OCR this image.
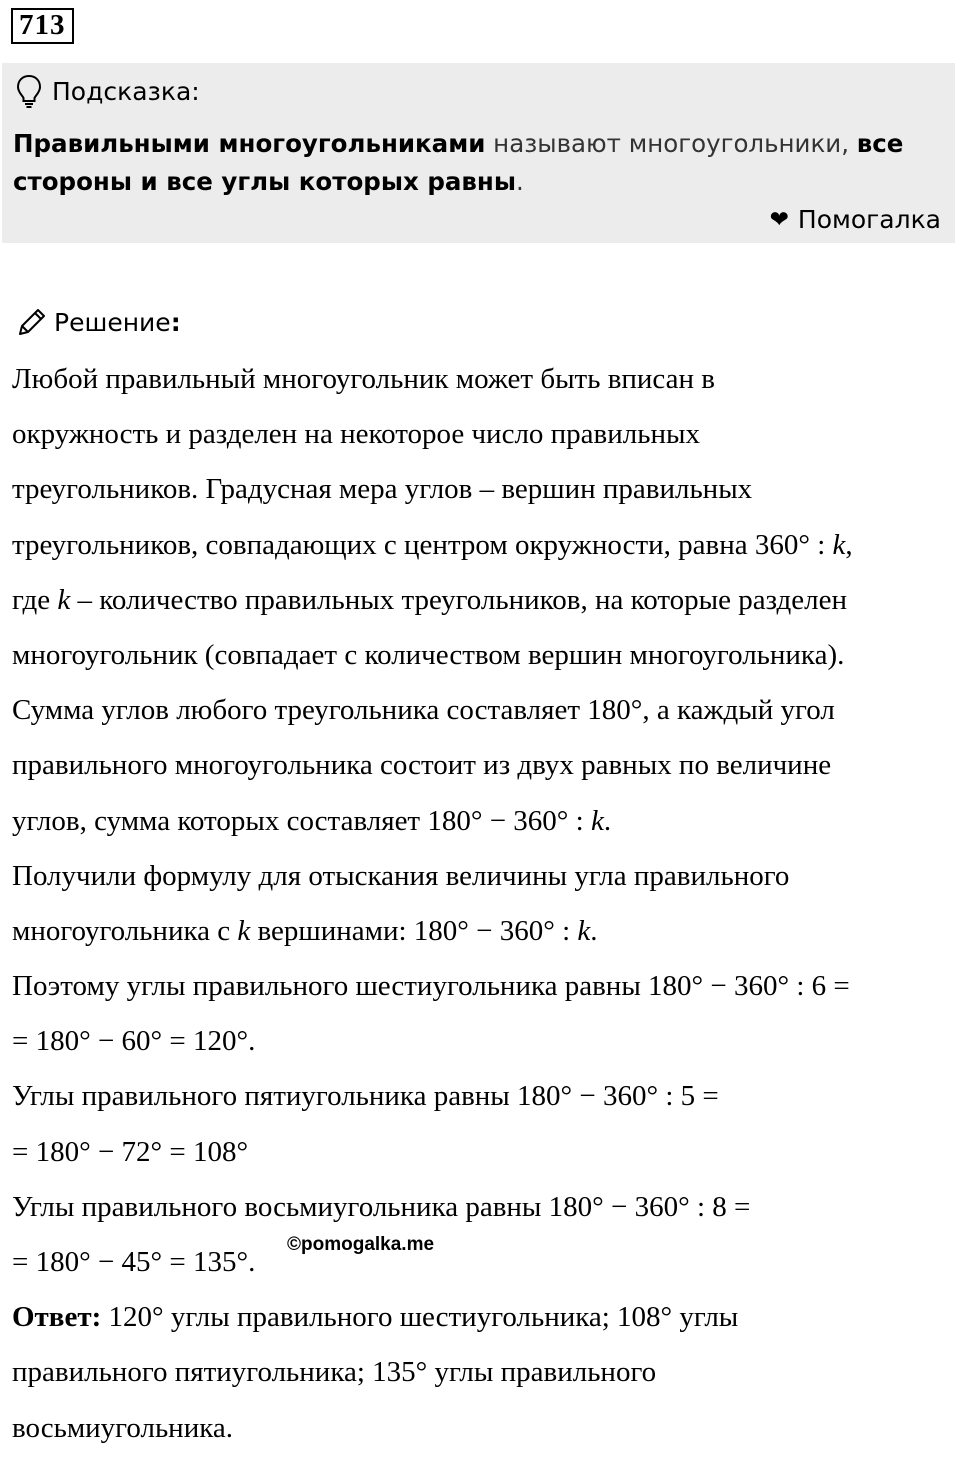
713
Подсказка:
Правильными многоугольниками называют многоугольники, все
стороны и все углы которых равны.
❤ Помогалка
Решение :
Любой правильный многоугольник может быть вписан в
окружность и разделен на некоторое число правильных
треугольников. Градусная мера углов – вершин правильных
треугольников, совпадающих с центром окружности, равна 360° : k,
где k – количество правильных треугольников, на которые разделен
многоугольник (совпадает с количеством вершин многоугольника).
Сумма углов любого треугольника составляет 180°, а каждый угол
правильного многоугольника состоит из двух равных по величине
углов, сумма которых составляет 180° − 360° : k.
Получили формулу для отыскания величины угла правильного
многоугольника с k вершинами: 180° − 360° : k.
Поэтому углы правильного шестиугольника равны 180° − 360° : 6 =
= 180° − 60° = 120°.
Углы правильного пятиугольника равны 180° − 360° : 5 =
= 180° − 72° = 108°
Углы правильного восьмиугольника равны 180° − 360° : 8 =
= 180° − 45° = 135°.
Ответ: 120° углы правильного шестиугольника; 108° углы
правильного пятиугольника; 135° углы правильного
восьмиугольника.
©pomogalka.me
